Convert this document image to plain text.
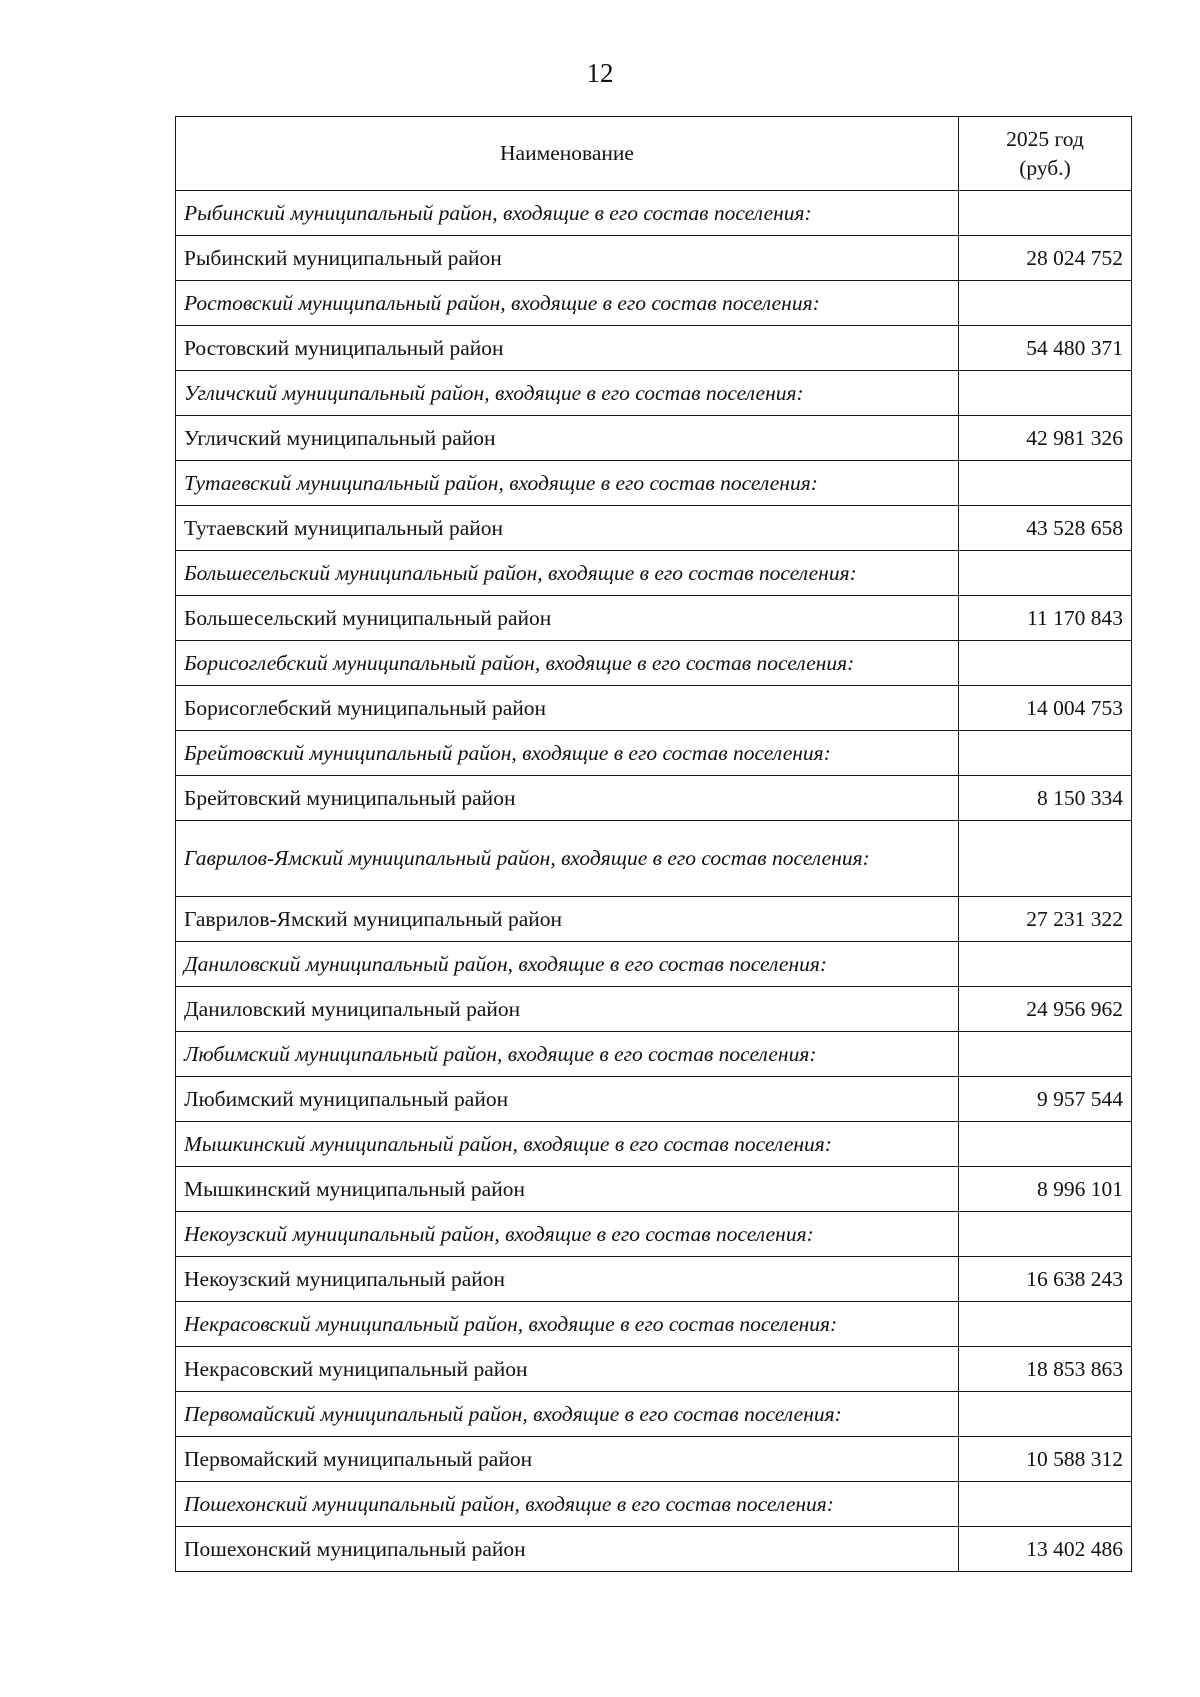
12
Наименование	2025 год
(руб.)
Рыбинский муниципальный район, входящие в его состав поселения:	
Рыбинский муниципальный район	28 024 752
Ростовский муниципальный район, входящие в его состав поселения:	
Ростовский муниципальный район	54 480 371
Угличский муниципальный район, входящие в его состав поселения:	
Угличский муниципальный район	42 981 326
Тутаевский муниципальный район, входящие в его состав поселения:	
Тутаевский муниципальный район	43 528 658
Большесельский муниципальный район, входящие в его состав поселения:	
Большесельский муниципальный район	11 170 843
Борисоглебский муниципальный район, входящие в его состав поселения:	
Борисоглебский муниципальный район	14 004 753
Брейтовский муниципальный район, входящие в его состав поселения:	
Брейтовский муниципальный район	8 150 334
Гаврилов-Ямский муниципальный район, входящие в его состав поселения:	
Гаврилов-Ямский муниципальный район	27 231 322
Даниловский муниципальный район, входящие в его состав поселения:	
Даниловский муниципальный район	24 956 962
Любимский муниципальный район, входящие в его состав поселения:	
Любимский муниципальный район	9 957 544
Мышкинский муниципальный район, входящие в его состав поселения:	
Мышкинский муниципальный район	8 996 101
Некоузский муниципальный район, входящие в его состав поселения:	
Некоузский муниципальный район	16 638 243
Некрасовский муниципальный район, входящие в его состав поселения:	
Некрасовский муниципальный район	18 853 863
Первомайский муниципальный район, входящие в его состав поселения:	
Первомайский муниципальный район	10 588 312
Пошехонский муниципальный район, входящие в его состав поселения:	
Пошехонский муниципальный район	13 402 486
